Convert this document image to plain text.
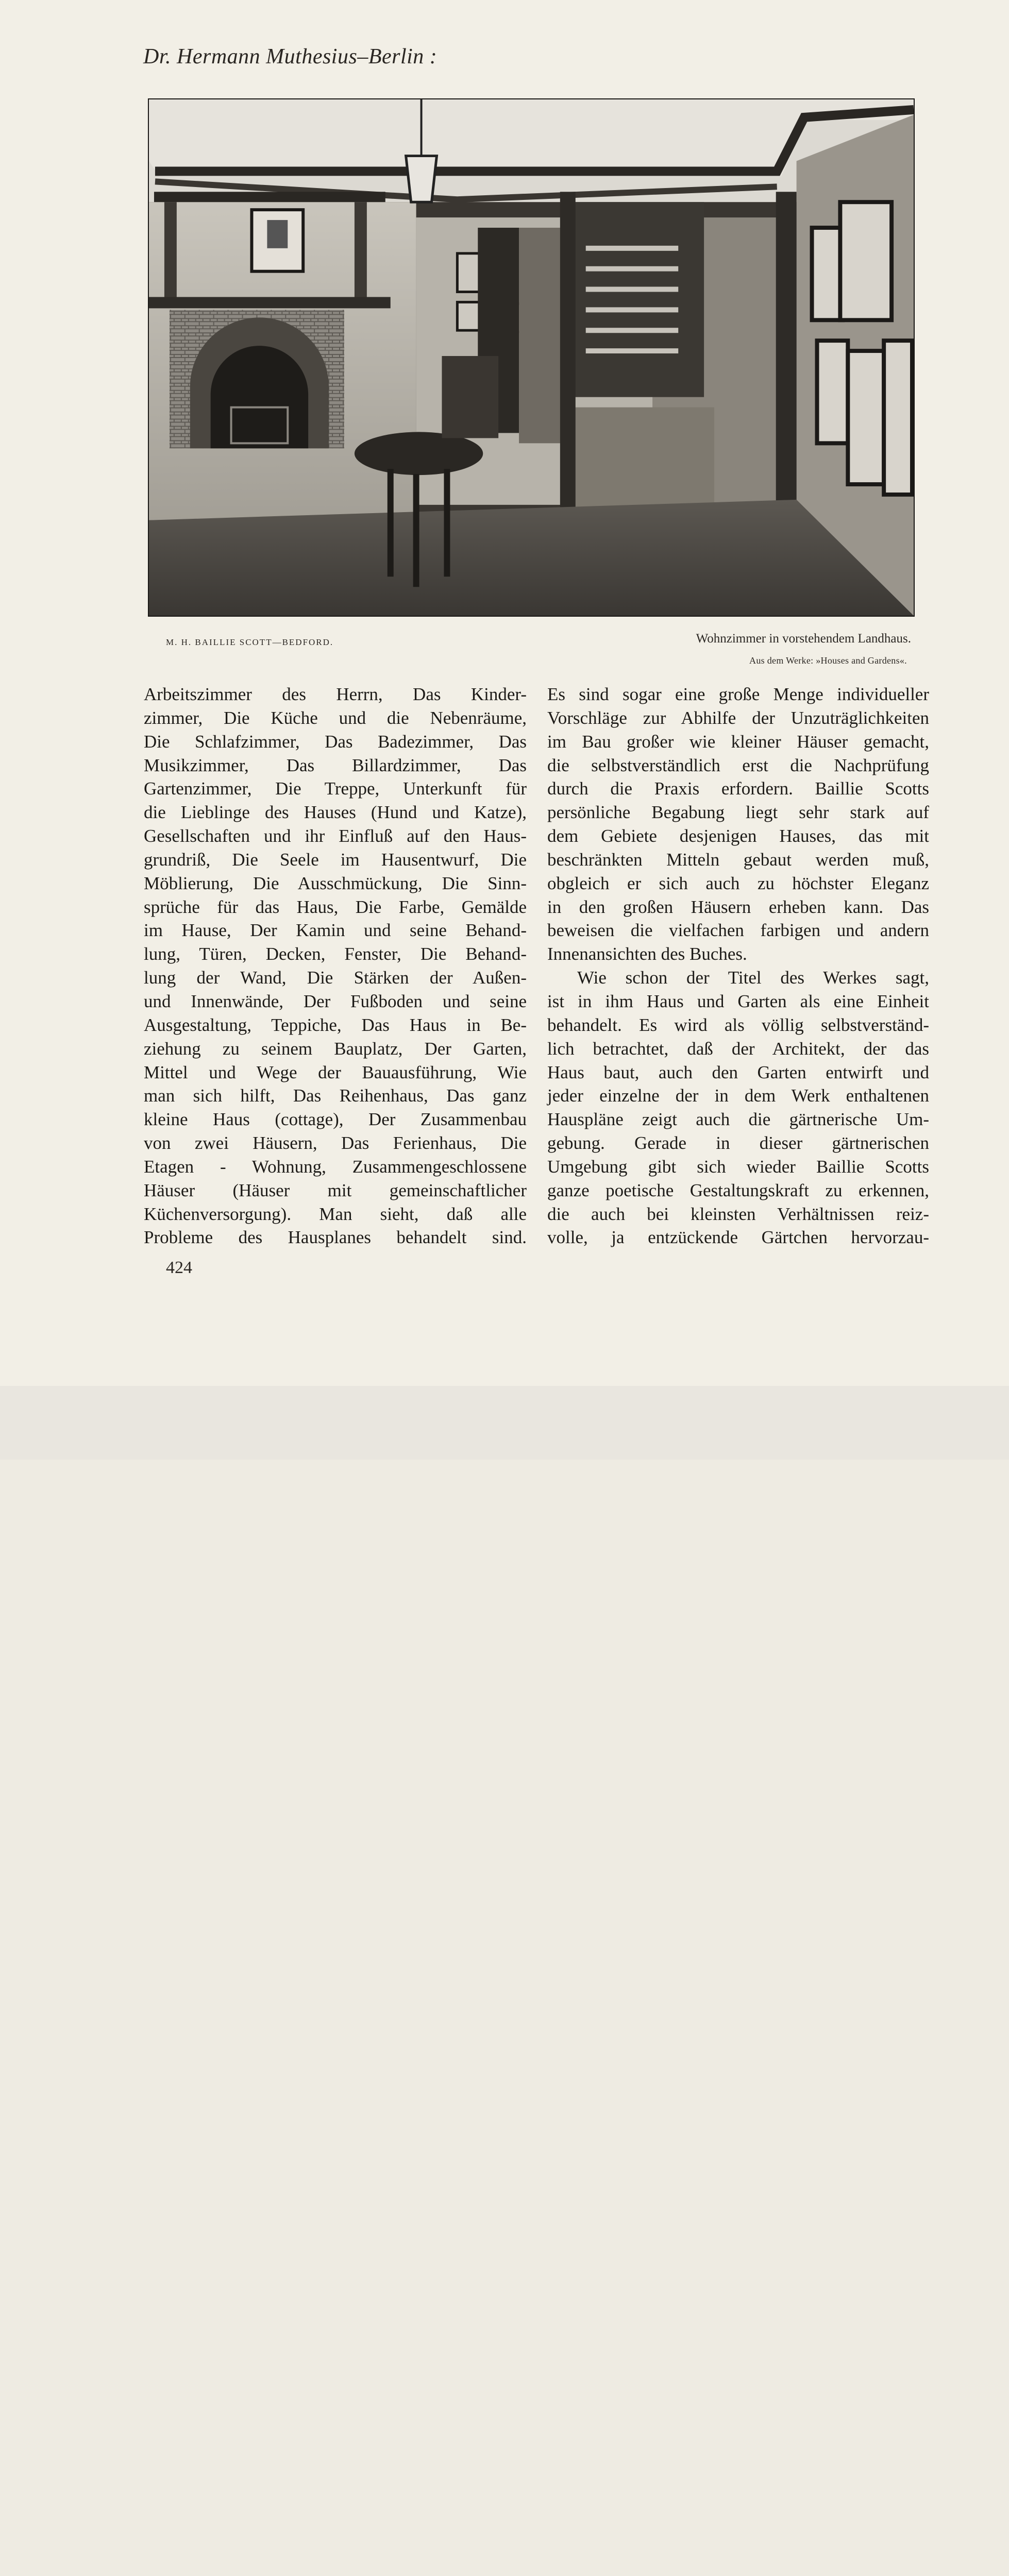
Dr. Hermann Muthesius–Berlin :
M. H. BAILLIE SCOTT—BEDFORD.	Wohnzimmer in vorstehendem Landhaus.
Aus dem Werke: »Houses and Gardens«.
Arbeitszimmer des Herrn, Das Kinder-
zimmer, Die Küche und die Nebenräume,
Die Schlafzimmer, Das Badezimmer, Das
Musikzimmer, Das Billardzimmer, Das
Gartenzimmer, Die Treppe, Unterkunft für
die Lieblinge des Hauses (Hund und Katze),
Gesellschaften und ihr Einfluß auf den Haus-
grundriß, Die Seele im Hausentwurf, Die
Möblierung, Die Ausschmückung, Die Sinn-
sprüche für das Haus, Die Farbe, Gemälde
im Hause, Der Kamin und seine Behand-
lung, Türen, Decken, Fenster, Die Behand-
lung der Wand, Die Stärken der Außen-
und Innenwände, Der Fußboden und seine
Ausgestaltung, Teppiche, Das Haus in Be-
ziehung zu seinem Bauplatz, Der Garten,
Mittel und Wege der Bauausführung, Wie
man sich hilft, Das Reihenhaus, Das ganz
kleine Haus (cottage), Der Zusammenbau
von zwei Häusern, Das Ferienhaus, Die
Etagen - Wohnung, Zusammengeschlossene
Häuser (Häuser mit gemeinschaftlicher
Küchenversorgung). Man sieht, daß alle
Probleme des Hausplanes behandelt sind.
Es sind sogar eine große Menge individueller
Vorschläge zur Abhilfe der Unzuträglichkeiten
im Bau großer wie kleiner Häuser gemacht,
die selbstverständlich erst die Nachprüfung
durch die Praxis erfordern. Baillie Scotts
persönliche Begabung liegt sehr stark auf
dem Gebiete desjenigen Hauses, das mit
beschränkten Mitteln gebaut werden muß,
obgleich er sich auch zu höchster Eleganz
in den großen Häusern erheben kann. Das
beweisen die vielfachen farbigen und andern
Innenansichten des Buches.
Wie schon der Titel des Werkes sagt,
ist in ihm Haus und Garten als eine Einheit
behandelt. Es wird als völlig selbstverständ-
lich betrachtet, daß der Architekt, der das
Haus baut, auch den Garten entwirft und
jeder einzelne der in dem Werk enthaltenen
Hauspläne zeigt auch die gärtnerische Um-
gebung. Gerade in dieser gärtnerischen
Umgebung gibt sich wieder Baillie Scotts
ganze poetische Gestaltungskraft zu erkennen,
die auch bei kleinsten Verhältnissen reiz-
volle, ja entzückende Gärtchen hervorzau-
424
